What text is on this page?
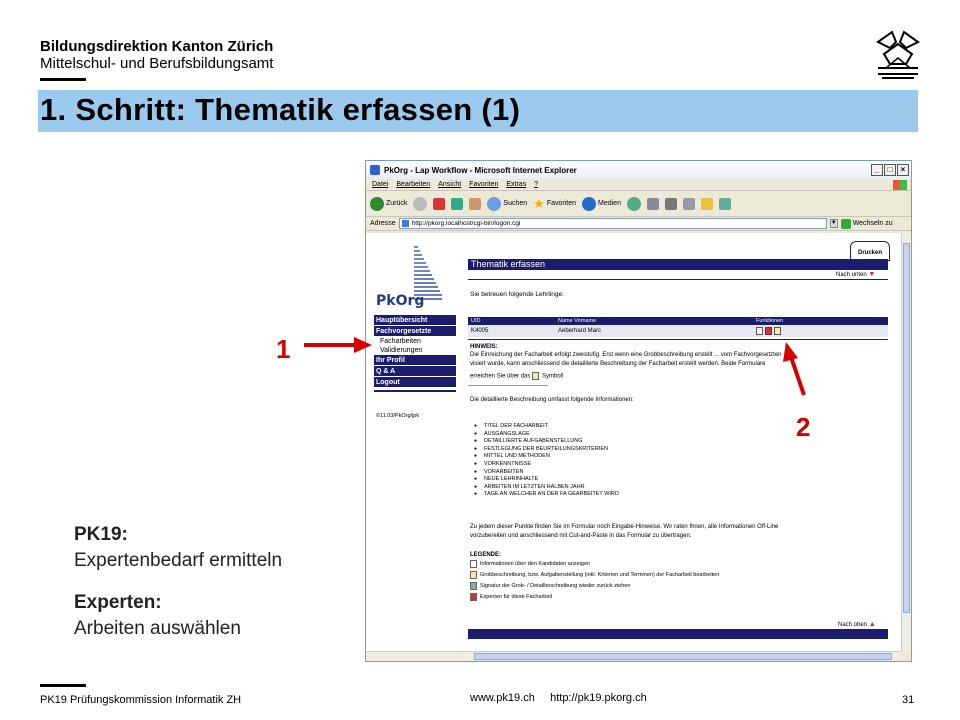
Bildungsdirektion Kanton Zürich
Mittelschul- und Berufsbildungsamt
1. Schritt: Thematik erfassen (1)
PkOrg - Lap Workflow - Microsoft Internet Explorer	_	□	×
Datei Bearbeiten Ansicht Favoriten Extras ?
Zurück	Suchen ★ Favoriten	Medien
Adresse	http://pkorg.localhost/cgi-bin/logon.cgi	▼ Wechseln zu
PkOrg
Hauptübersicht
Fachvorgesetzte
Facharbeiten
Validierungen
Ihr Profil
Q & A
Logout
©11.03/PkOrg/jpk
Drucken
Thematik erfassen
Nach unten ▼
Sie betreuen folgende Lehrlinge:
UID	Name Vorname	Funktionen
K4005	Aeberhard Marc
HINWEIS:
Die Einreichung der Facharbeit erfolgt zweistufig. Erst wenn eine Grobbeschreibung erstellt ... vom Fachvorgesetzten
visiert wurde, kann anschliessend die detaillierte Beschreibung der Facharbeit erstellt werden. Beide Formulare
erreichen Sie über das Symbol!
Die detaillierte Beschreibung umfasst folgende Informationen:
● TITEL DER FACHARBEIT
● AUSGANGSLAGE
● DETAILLIERTE AUFGABENSTELLUNG
● FESTLEGUNG DER BEURTEILUNGSKRITERIEN
● MITTEL UND METHODEN
● VORKENNTNISSE
● VORARBEITEN
● NEUE LEHRINHALTE
● ARBEITEN IM LETZTEN HALBEN JAHR
● TAGE AN WELCHER AN DER FA GEARBEITET WIRD
Zu jedem dieser Punkte finden Sie im Formular noch Eingabe-Hinweise. Wir raten Ihnen, alle Informationen Off-Line
vorzubereiten und anschliessend mit Cut-and-Paste in das Formular zu übertragen.
LEGENDE:
Informationen über den Kandidaten anzeigen
Grobbeschreibung, bzw. Aufgabenstellung (inkl. Kriterien und Terminen) der Facharbeit bearbeiten
Signatur der Grob- / Detailbeschreibung wieder zurück ziehen
Experten für diese Facharbeit
Nach oben ▲
1
2
PK19:
Expertenbedarf ermitteln
Experten:
Arbeiten auswählen
PK19 Prüfungskommission Informatik ZH	www.pk19.ch     http://pk19.pkorg.ch	31
